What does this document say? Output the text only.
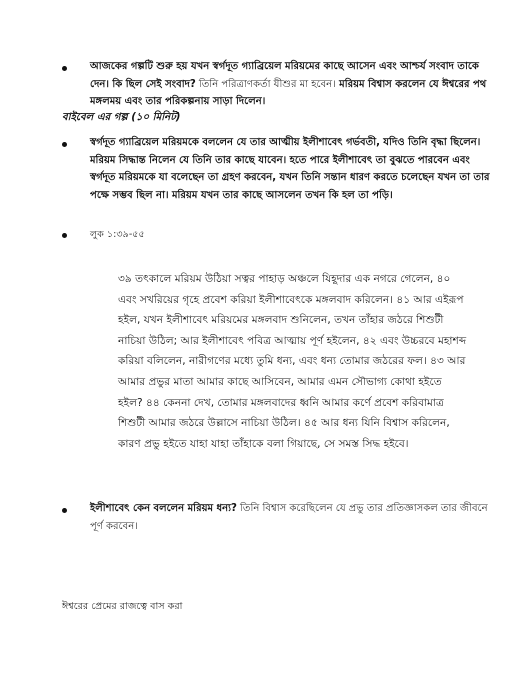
আজকের গল্পটি শুরু হয় যখন স্বর্গদূত গ্যাব্রিয়েল মরিয়মের কাছে আসেন এবং আশ্চর্য সংবাদ তাকে দেন। কি ছিল সেই সংবাদ? তিনি পরিত্রাণকর্তা যীশুর মা হবেন। মরিয়ম বিশ্বাস করলেন যে ঈশ্বরের পথ মঙ্গলময় এবং তার পরিকল্পনায় সাড়া দিলেন।
বাইবেল এর গল্প (১০ মিনিট)
স্বর্গদূত গ্যাব্রিয়েল মরিয়মকে বললেন যে তার আত্মীয় ইলীশাবেৎ গর্ভবতী, যদিও তিনি বৃদ্ধা ছিলেন। মরিয়ম সিদ্ধান্ত নিলেন যে তিনি তার কাছে যাবেন। হতে পারে ইলীশাবেৎ তা বুঝতে পারবেন এবং স্বর্গদূত মরিয়মকে যা বলেছেন তা গ্রহণ করবেন, যখন তিনি সন্তান ধারণ করতে চলেছেন যখন তা তার পক্ষে সম্ভব ছিল না। মরিয়ম যখন তার কাছে আসলেন তখন কি হল তা পড়ি।
লুক ১:৩৯-৫৫
৩৯ তৎকালে মরিয়ম উঠিয়া সত্বর পাহাড় অঞ্চলে যিহূদার এক নগরে গেলেন, ৪০ এবং সখরিয়ের গৃহে প্রবেশ করিয়া ইলীশাবেৎকে মঙ্গলবাদ করিলেন। ৪১ আর এইরূপ হইল, যখন ইলীশাবেৎ মরিয়মের মঙ্গলবাদ শুনিলেন, তখন তাঁহার জঠরে শিশুটী নাচিয়া উঠিল; আর ইলীশাবেৎ পবিত্র আত্মায় পূর্ণ হইলেন, ৪২ এবং উচ্চরবে মহাশব্দ করিয়া বলিলেন, নারীগণের মধ্যে তুমি ধন্য, এবং ধন্য তোমার জঠরের ফল। ৪৩ আর আমার প্রভুর মাতা আমার কাছে আসিবেন, আমার এমন সৌভাগ্য কোথা হইতে হইল? ৪৪ কেননা দেখ, তোমার মঙ্গলবাদের ধ্বনি আমার কর্ণে প্রবেশ করিবামাত্র শিশুটী আমার জঠরে উল্লাসে নাচিয়া উঠিল। ৪৫ আর ধন্য যিনি বিশ্বাস করিলেন, কারণ প্রভু হইতে যাহা যাহা তাঁহাকে বলা গিয়াছে, সে সমস্ত সিদ্ধ হইবে।
ইলীশাবেৎ কেন বললেন মরিয়ম ধন্য? তিনি বিশ্বাস করেছিলেন যে প্রভু তার প্রতিজ্ঞাসকল তার জীবনে পূর্ণ করবেন।
ঈশ্বরের প্রেমের রাজত্বে বাস করা
